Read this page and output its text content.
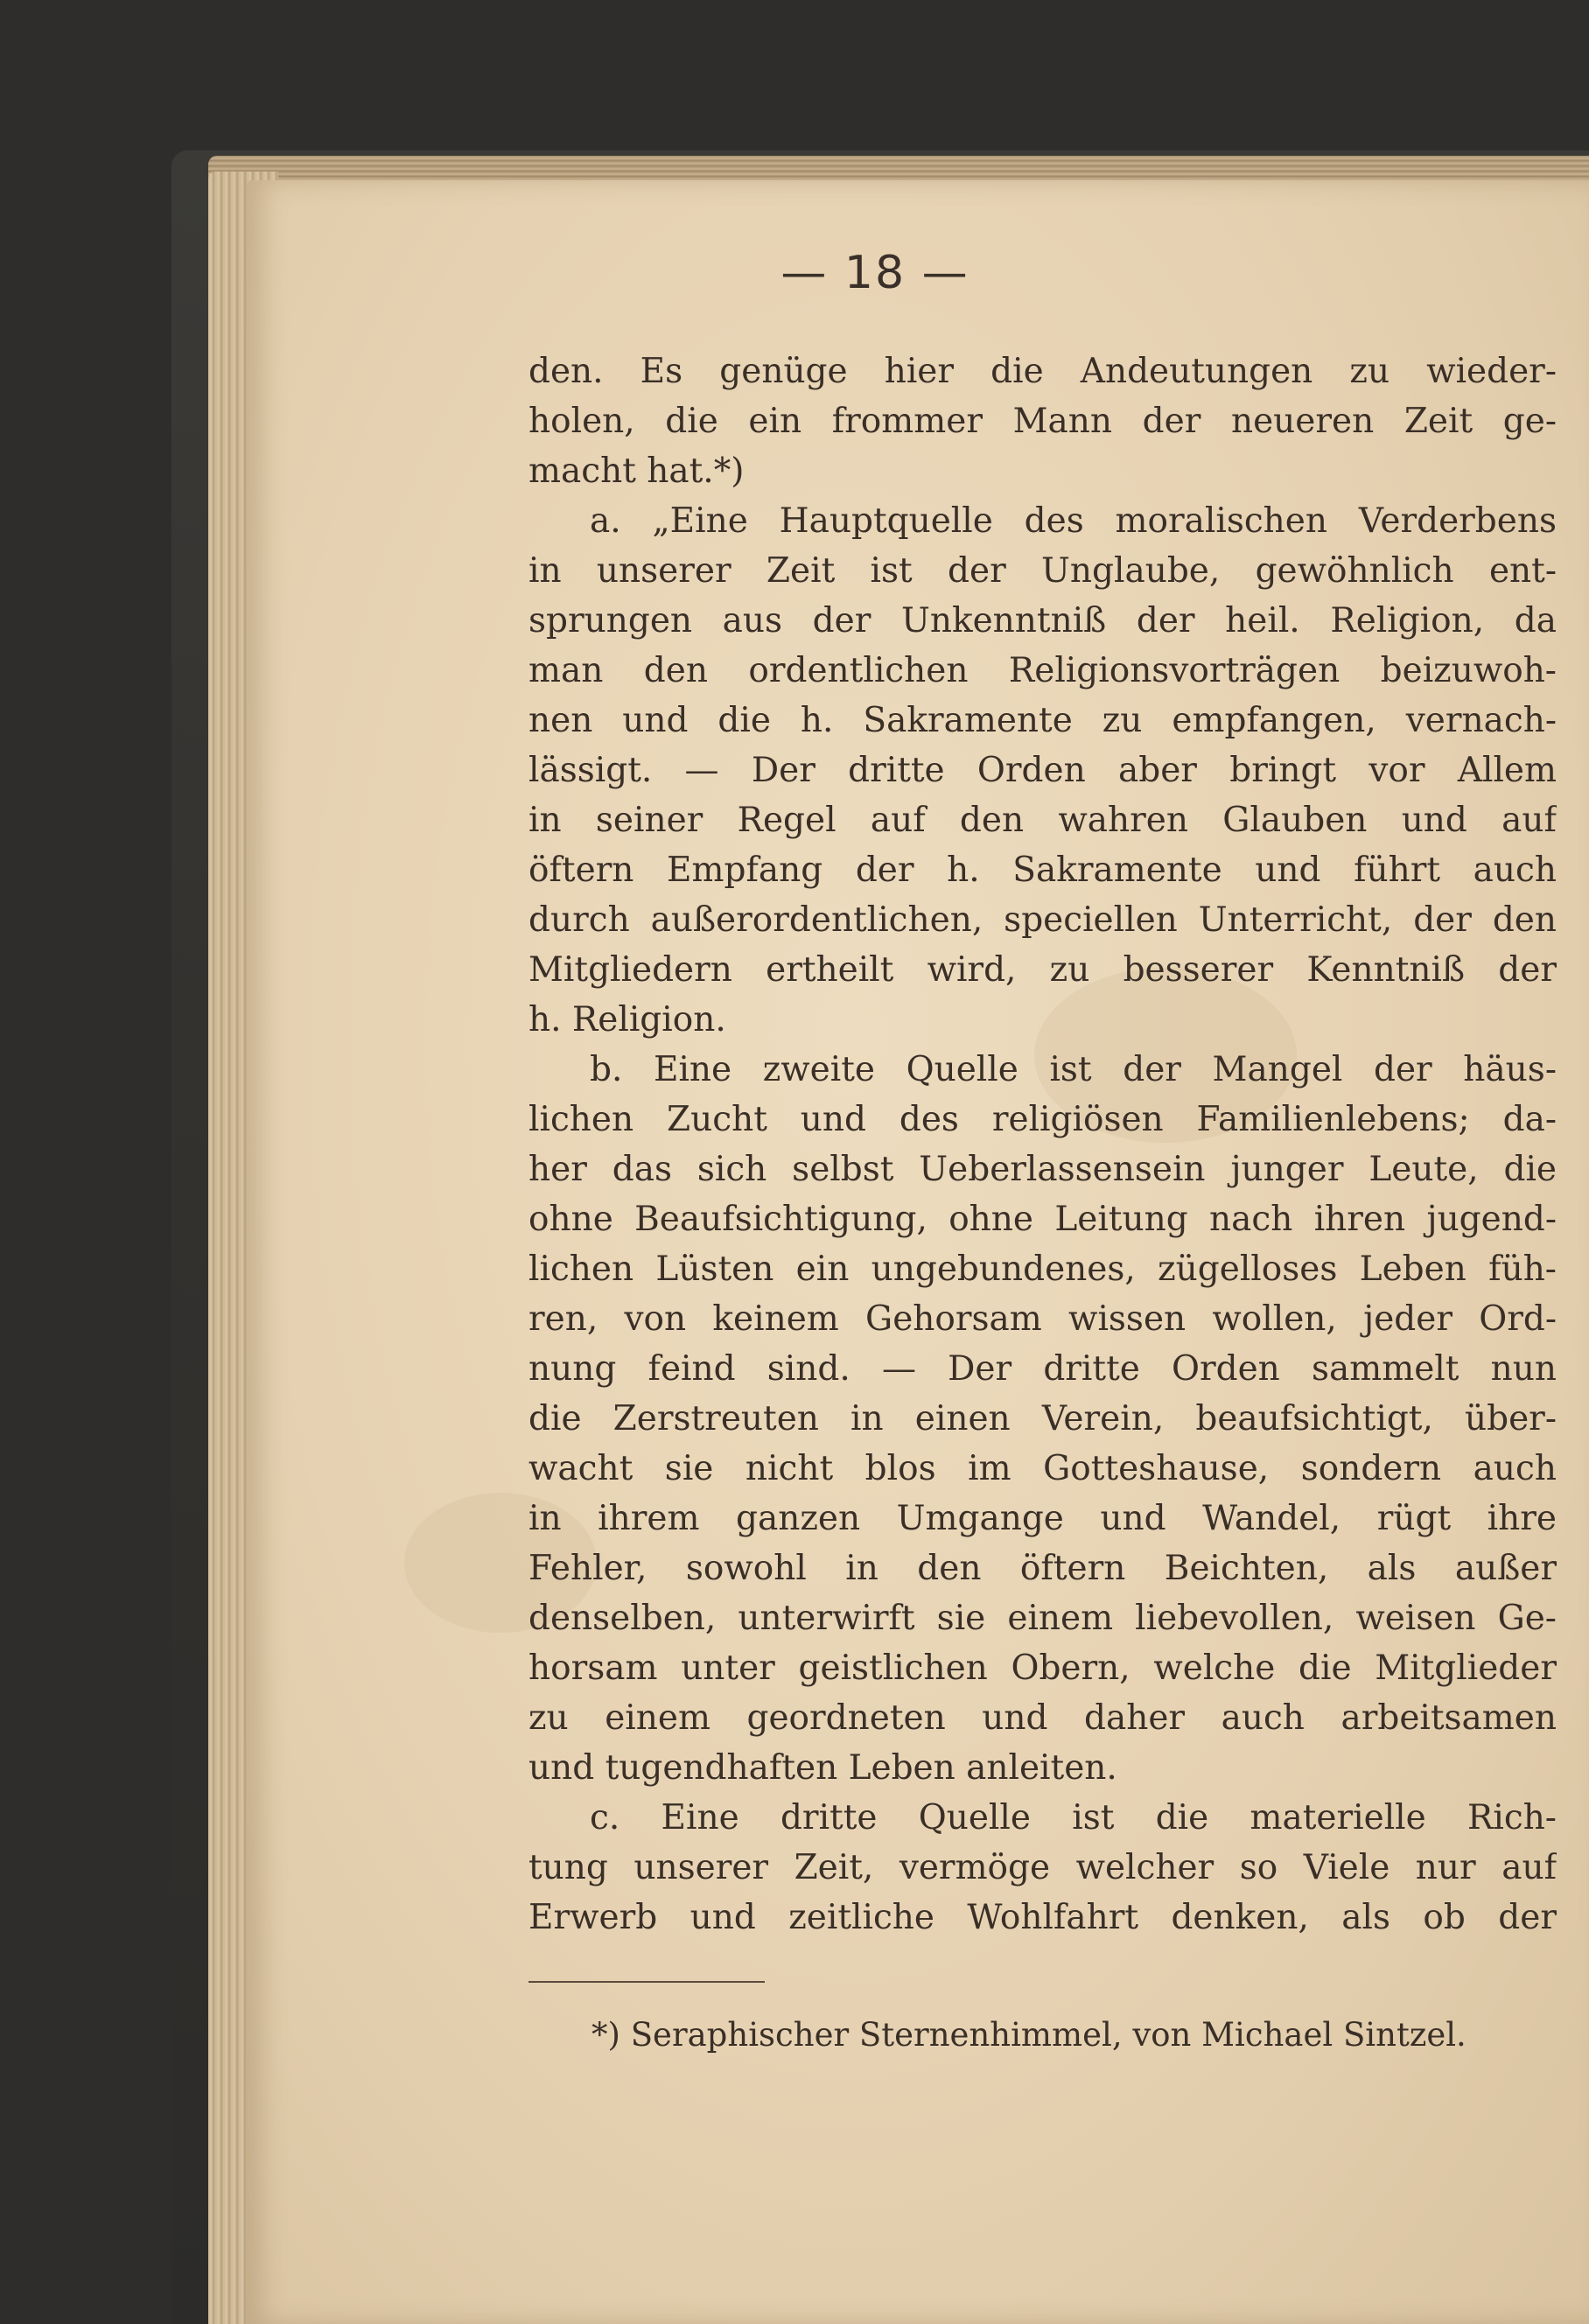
— 18 —
den. Es genüge hier die Andeutungen zu wieder-
holen, die ein frommer Mann der neueren Zeit ge-
macht hat.*)
a. „Eine Hauptquelle des moralischen Verderbens
in unserer Zeit ist der Unglaube, gewöhnlich ent-
sprungen aus der Unkenntniß der heil. Religion, da
man den ordentlichen Religionsvorträgen beizuwoh-
nen und die h. Sakramente zu empfangen, vernach-
lässigt. — Der dritte Orden aber bringt vor Allem
in seiner Regel auf den wahren Glauben und auf
öftern Empfang der h. Sakramente und führt auch
durch außerordentlichen, speciellen Unterricht, der den
Mitgliedern ertheilt wird, zu besserer Kenntniß der
h. Religion.
b. Eine zweite Quelle ist der Mangel der häus-
lichen Zucht und des religiösen Familienlebens; da-
her das sich selbst Ueberlassensein junger Leute, die
ohne Beaufsichtigung, ohne Leitung nach ihren jugend-
lichen Lüsten ein ungebundenes, zügelloses Leben füh-
ren, von keinem Gehorsam wissen wollen, jeder Ord-
nung feind sind. — Der dritte Orden sammelt nun
die Zerstreuten in einen Verein, beaufsichtigt, über-
wacht sie nicht blos im Gotteshause, sondern auch
in ihrem ganzen Umgange und Wandel, rügt ihre
Fehler, sowohl in den öftern Beichten, als außer
denselben, unterwirft sie einem liebevollen, weisen Ge-
horsam unter geistlichen Obern, welche die Mitglieder
zu einem geordneten und daher auch arbeitsamen
und tugendhaften Leben anleiten.
c. Eine dritte Quelle ist die materielle Rich-
tung unserer Zeit, vermöge welcher so Viele nur auf
Erwerb und zeitliche Wohlfahrt denken, als ob der
*) Seraphischer Sternenhimmel, von Michael Sintzel.
